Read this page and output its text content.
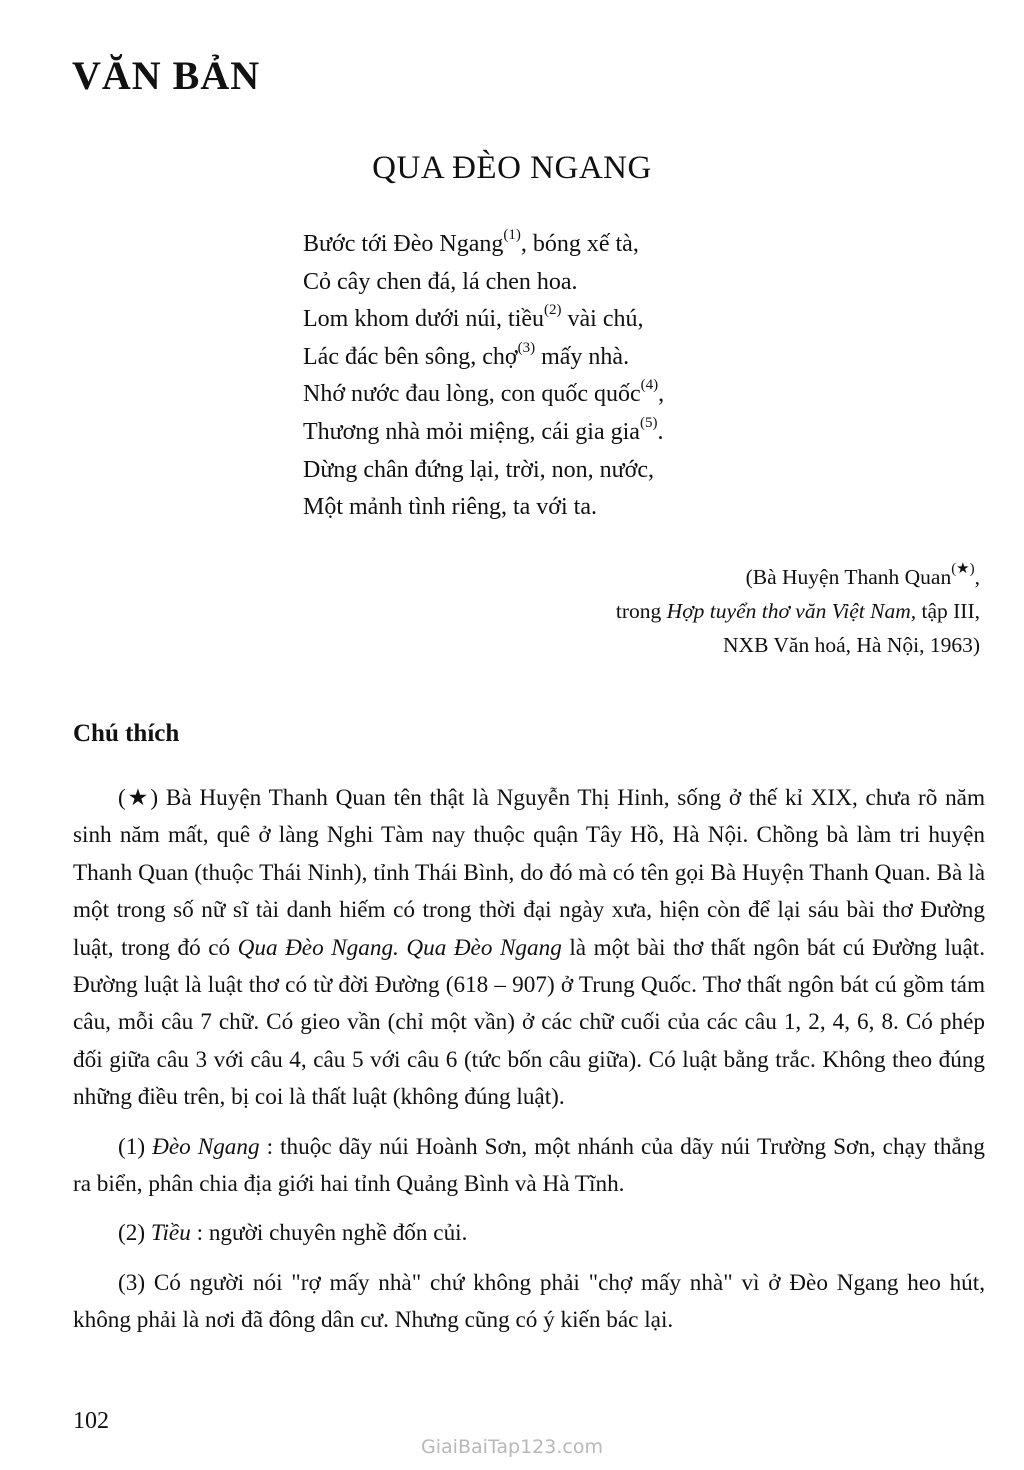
VĂN BẢN
QUA ĐÈO NGANG
Bước tới Đèo Ngang$^{(1)}$, bóng xế tà,
Cỏ cây chen đá, lá chen hoa.
Lom khom dưới núi, tiều$^{(2)}$ vài chú,
Lác đác bên sông, chợ$^{(3)}$ mấy nhà.
Nhớ nước đau lòng, con quốc quốc$^{(4)}$,
Thương nhà mỏi miệng, cái gia gia$^{(5)}$.
Dừng chân đứng lại, trời, non, nước,
Một mảnh tình riêng, ta với ta.
(Bà Huyện Thanh Quan(★),
trong Hợp tuyển thơ văn Việt Nam, tập III,
NXB Văn hoá, Hà Nội, 1963)
Chú thích

(★) Bà Huyện Thanh Quan tên thật là Nguyễn Thị Hinh, sống ở thế kỉ XIX, chưa rõ năm sinh năm mất, quê ở làng Nghi Tàm nay thuộc quận Tây Hồ, Hà Nội. Chồng bà làm tri huyện Thanh Quan (thuộc Thái Ninh), tỉnh Thái Bình, do đó mà có tên gọi Bà Huyện Thanh Quan. Bà là một trong số nữ sĩ tài danh hiếm có trong thời đại ngày xưa, hiện còn để lại sáu bài thơ Đường luật, trong đó có Qua Đèo Ngang. Qua Đèo Ngang là một bài thơ thất ngôn bát cú Đường luật. Đường luật là luật thơ có từ đời Đường (618 – 907) ở Trung Quốc. Thơ thất ngôn bát cú gồm tám câu, mỗi câu 7 chữ. Có gieo vần (chỉ một vần) ở các chữ cuối của các câu 1, 2, 4, 6, 8. Có phép đối giữa câu 3 với câu 4, câu 5 với câu 6 (tức bốn câu giữa). Có luật bằng trắc. Không theo đúng những điều trên, bị coi là thất luật (không đúng luật).

(1) Đèo Ngang : thuộc dãy núi Hoành Sơn, một nhánh của dãy núi Trường Sơn, chạy thẳng ra biển, phân chia địa giới hai tỉnh Quảng Bình và Hà Tĩnh.

(2) Tiều : người chuyên nghề đốn củi.

(3) Có người nói "rợ mấy nhà" chứ không phải "chợ mấy nhà" vì ở Đèo Ngang heo hút, không phải là nơi đã đông dân cư. Nhưng cũng có ý kiến bác lại.

102
GiaiBaiTap123.com
